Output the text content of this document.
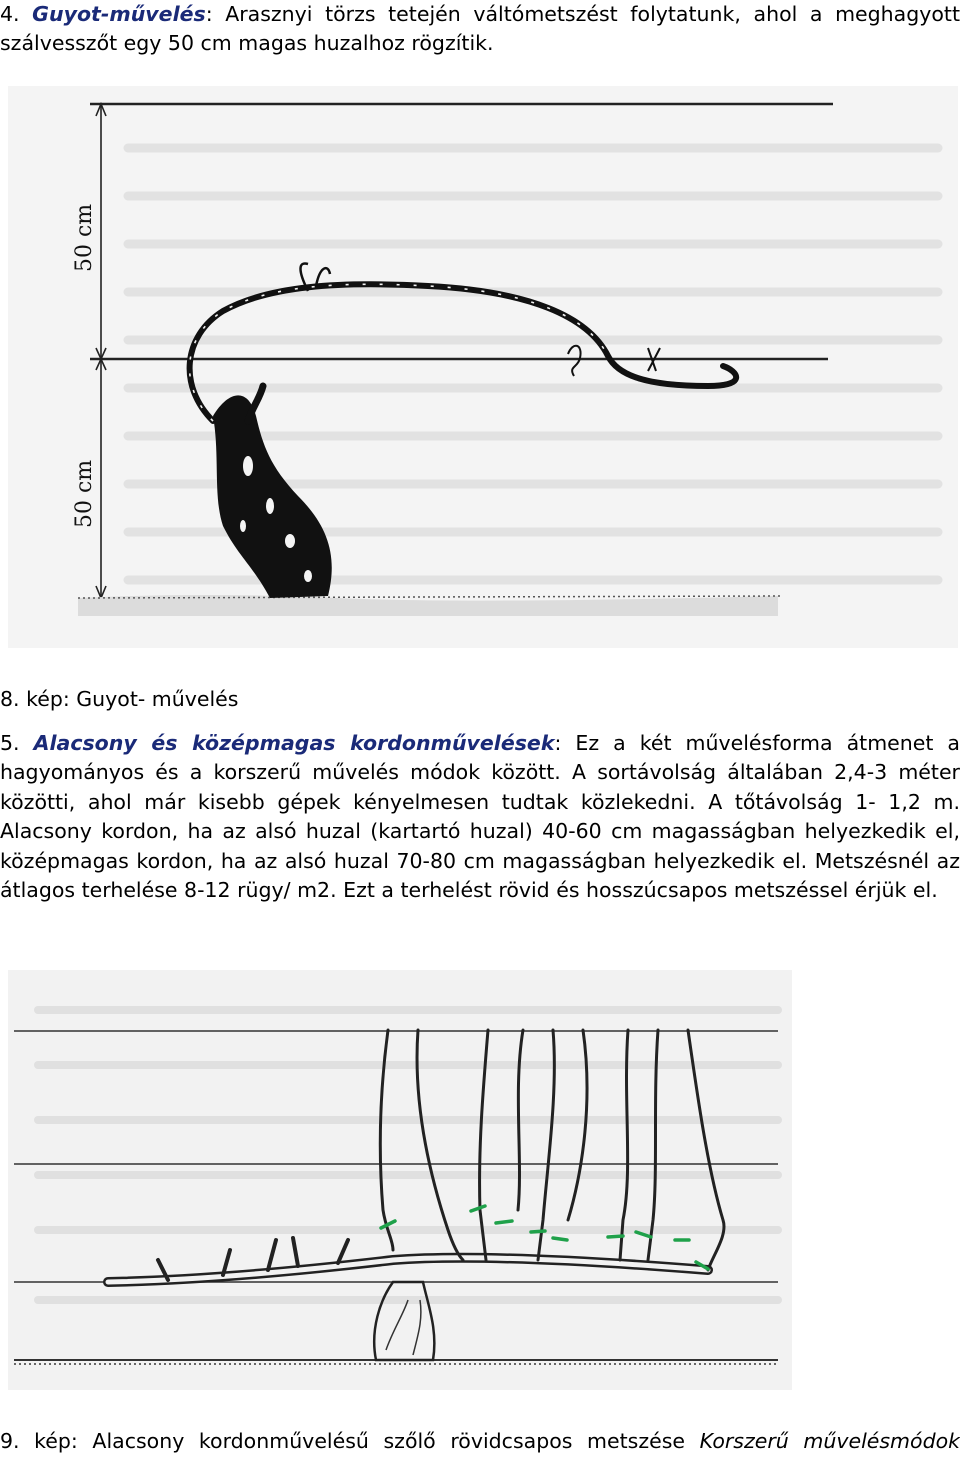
4. Guyot-művelés: Arasznyi törzs tetején váltómetszést folytatunk, ahol a meghagyott szálvesszőt egy 50 cm magas huzalhoz rögzítik.

50 cm
50 cm

8. kép: Guyot- művelés

5. Alacsony és középmagas kordonművelések: Ez a két művelésforma átmenet a hagyományos és a korszerű művelés módok között. A sortávolság általában 2,4-3 méter közötti, ahol már kisebb gépek kényelmesen tudtak közlekedni. A tőtávolság 1- 1,2 m. Alacsony kordon, ha az alsó huzal (kartartó huzal) 40-60 cm magasságban helyezkedik el, középmagas kordon, ha az alsó huzal 70-80 cm magasságban helyezkedik el. Metszésnél az átlagos terhelése 8-12 rügy/ m2. Ezt a terhelést rövid és hosszúcsapos metszéssel érjük el.

9. kép: Alacsony kordonművelésű szőlő rövidcsapos metszése Korszerű művelésmódok
